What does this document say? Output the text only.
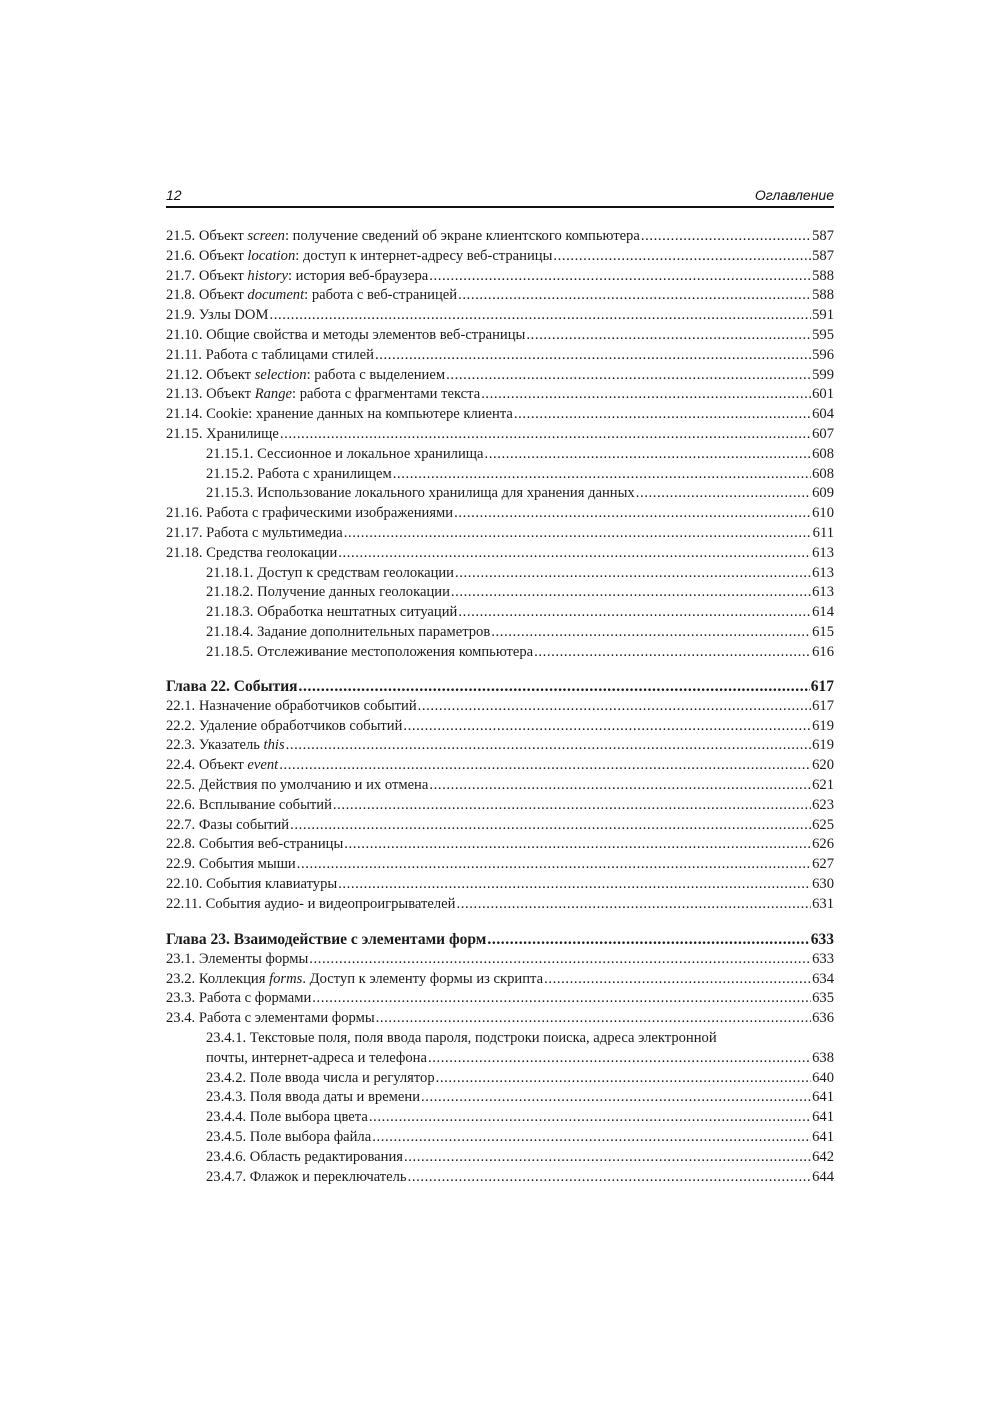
12	Оглавление
21.5. Объект screen: получение сведений об экране клиентского компьютера .....	587
21.6. Объект location: доступ к интернет-адресу веб-страницы .....	587
21.7. Объект history: история веб-браузера .....	588
21.8. Объект document: работа с веб-страницей .....	588
21.9. Узлы DOM .....	591
21.10. Общие свойства и методы элементов веб-страницы .....	595
21.11. Работа с таблицами стилей .....	596
21.12. Объект selection: работа с выделением .....	599
21.13. Объект Range: работа с фрагментами текста .....	601
21.14. Cookie: хранение данных на компьютере клиента .....	604
21.15. Хранилище .....	607
21.15.1. Сессионное и локальное хранилища .....	608
21.15.2. Работа с хранилищем .....	608
21.15.3. Использование локального хранилища для хранения данных .....	609
21.16. Работа с графическими изображениями .....	610
21.17. Работа с мультимедиа .....	611
21.18. Средства геолокации .....	613
21.18.1. Доступ к средствам геолокации .....	613
21.18.2. Получение данных геолокации .....	613
21.18.3. Обработка нештатных ситуаций .....	614
21.18.4. Задание дополнительных параметров .....	615
21.18.5. Отслеживание местоположения компьютера .....	616
Глава 22. События .....	617
22.1. Назначение обработчиков событий .....	617
22.2. Удаление обработчиков событий .....	619
22.3. Указатель this .....	619
22.4. Объект event .....	620
22.5. Действия по умолчанию и их отмена .....	621
22.6. Всплывание событий .....	623
22.7. Фазы событий .....	625
22.8. События веб-страницы .....	626
22.9. События мыши .....	627
22.10. События клавиатуры .....	630
22.11. События аудио- и видеопроигрывателей .....	631
Глава 23. Взаимодействие с элементами форм .....	633
23.1. Элементы формы .....	633
23.2. Коллекция forms. Доступ к элементу формы из скрипта .....	634
23.3. Работа с формами .....	635
23.4. Работа с элементами формы .....	636
23.4.1. Текстовые поля, поля ввода пароля, подстроки поиска, адреса электронной
почты, интернет-адреса и телефона .....	638
23.4.2. Поле ввода числа и регулятор .....	640
23.4.3. Поля ввода даты и времени .....	641
23.4.4. Поле выбора цвета .....	641
23.4.5. Поле выбора файла .....	641
23.4.6. Область редактирования .....	642
23.4.7. Флажок и переключатель .....	644
